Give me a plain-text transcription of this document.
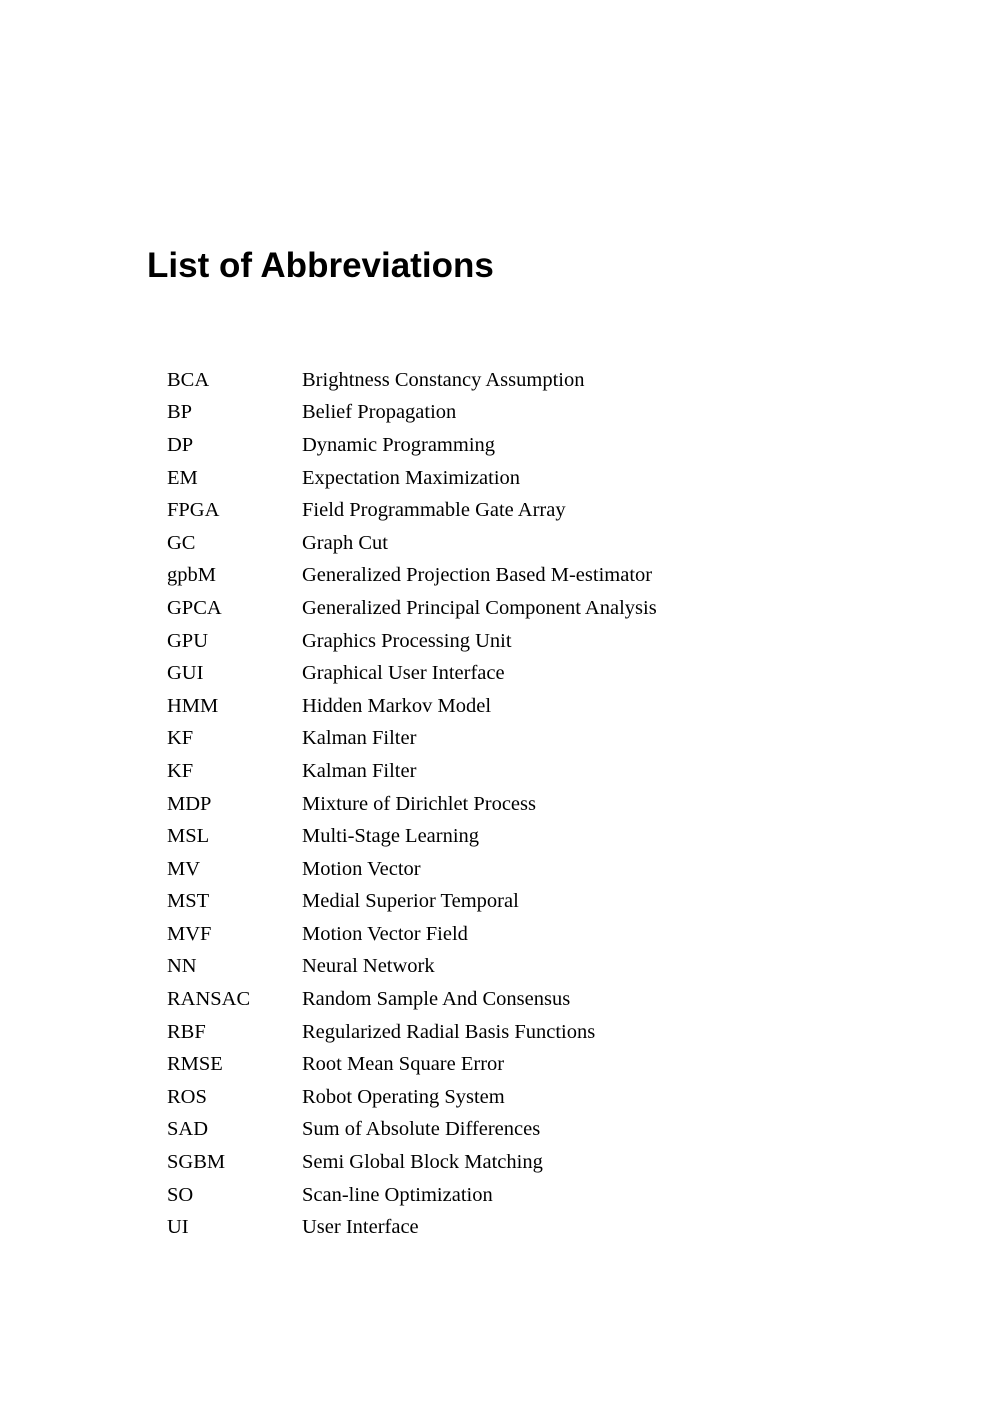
List of Abbreviations
BCA	Brightness Constancy Assumption
BP	Belief Propagation
DP	Dynamic Programming
EM	Expectation Maximization
FPGA	Field Programmable Gate Array
GC	Graph Cut
gpbM	Generalized Projection Based M-estimator
GPCA	Generalized Principal Component Analysis
GPU	Graphics Processing Unit
GUI	Graphical User Interface
HMM	Hidden Markov Model
KF	Kalman Filter
KF	Kalman Filter
MDP	Mixture of Dirichlet Process
MSL	Multi-Stage Learning
MV	Motion Vector
MST	Medial Superior Temporal
MVF	Motion Vector Field
NN	Neural Network
RANSAC	Random Sample And Consensus
RBF	Regularized Radial Basis Functions
RMSE	Root Mean Square Error
ROS	Robot Operating System
SAD	Sum of Absolute Differences
SGBM	Semi Global Block Matching
SO	Scan-line Optimization
UI	User Interface
